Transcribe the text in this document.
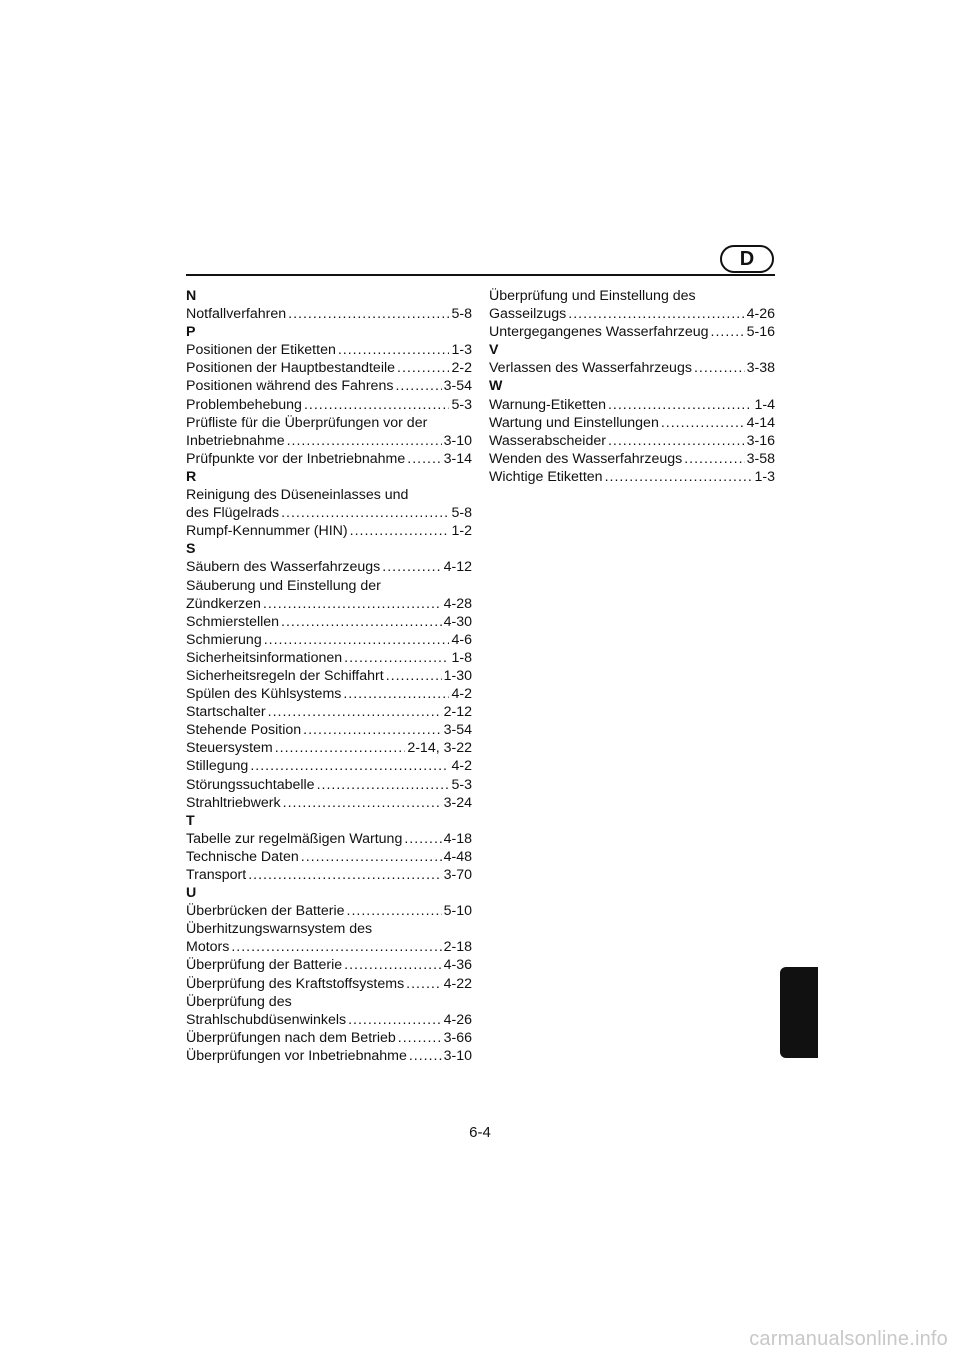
D
N
Notfallverfahren .....	5-8
P
Positionen der Etiketten .....	1-3
Positionen der Hauptbestandteile .....	2-2
Positionen während des Fahrens .....	3-54
Problembehebung .....	5-3
Prüfliste für die Überprüfungen vor der
Inbetriebnahme .....	3-10
Prüfpunkte vor der Inbetriebnahme .....	3-14
R
Reinigung des Düseneinlasses und
des Flügelrads .....	5-8
Rumpf-Kennummer (HIN) .....	1-2
S
Säubern des Wasserfahrzeugs .....	4-12
Säuberung und Einstellung der
Zündkerzen .....	4-28
Schmierstellen .....	4-30
Schmierung .....	4-6
Sicherheitsinformationen .....	1-8
Sicherheitsregeln der Schiffahrt .....	1-30
Spülen des Kühlsystems .....	4-2
Startschalter .....	2-12
Stehende Position .....	3-54
Steuersystem .....	2-14, 3-22
Stillegung .....	4-2
Störungssuchtabelle .....	5-3
Strahltriebwerk .....	3-24
T
Tabelle zur regelmäßigen Wartung .....	4-18
Technische Daten .....	4-48
Transport .....	3-70
U
Überbrücken der Batterie .....	5-10
Überhitzungswarnsystem des
Motors .....	2-18
Überprüfung der Batterie .....	4-36
Überprüfung des Kraftstoffsystems .....	4-22
Überprüfung des
Strahlschubdüsenwinkels .....	4-26
Überprüfungen nach dem Betrieb .....	3-66
Überprüfungen vor Inbetriebnahme .....	3-10
Überprüfung und Einstellung des
Gasseilzugs .....	4-26
Untergegangenes Wasserfahrzeug .....	5-16
V
Verlassen des Wasserfahrzeugs .....	3-38
W
Warnung-Etiketten .....	1-4
Wartung und Einstellungen .....	4-14
Wasserabscheider .....	3-16
Wenden des Wasserfahrzeugs .....	3-58
Wichtige Etiketten .....	1-3
6-4
carmanualsonline.info
